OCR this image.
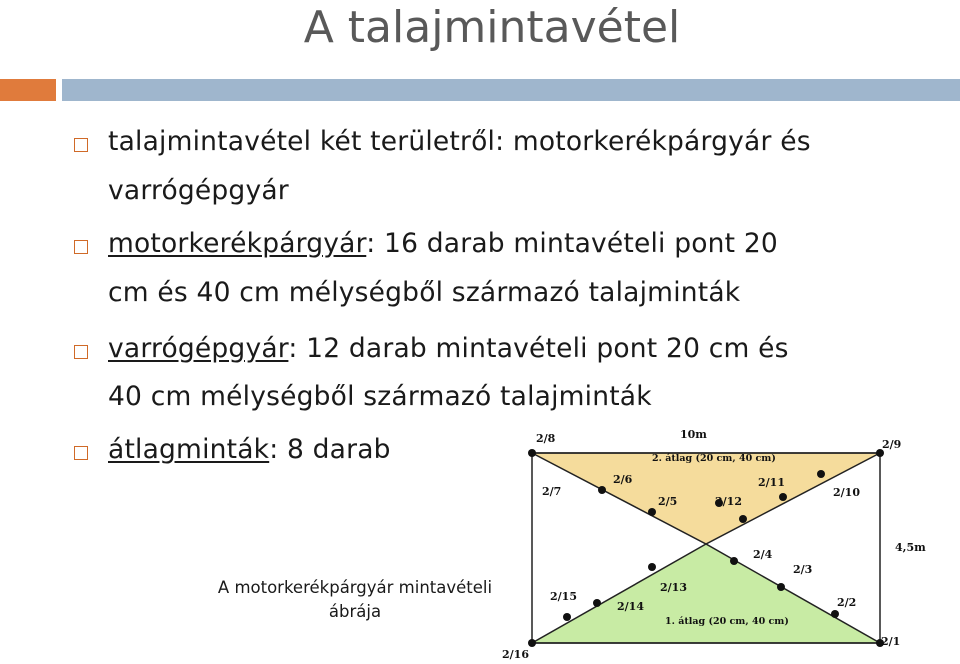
A talajmintavétel
talajmintavétel két területről: motorkerékpárgyár és
varrógépgyár
motorkerékpárgyár: 16 darab mintavételi pont 20
cm és 40 cm mélységből származó talajminták
varrógépgyár: 12 darab mintavételi pont 20 cm és
40 cm mélységből származó talajminták
átlagminták: 8 darab
A motorkerékpárgyár mintavételi ábrája
2/8	10m
2/9
2. átlag (20 cm, 40 cm)
2/6
2/7
2/5	2/12
2/11
2/10
2/4
4,5m
2/3
2/13
2/15
2/14	2/2
1. átlag (20 cm, 40 cm)
2/1
2/16
